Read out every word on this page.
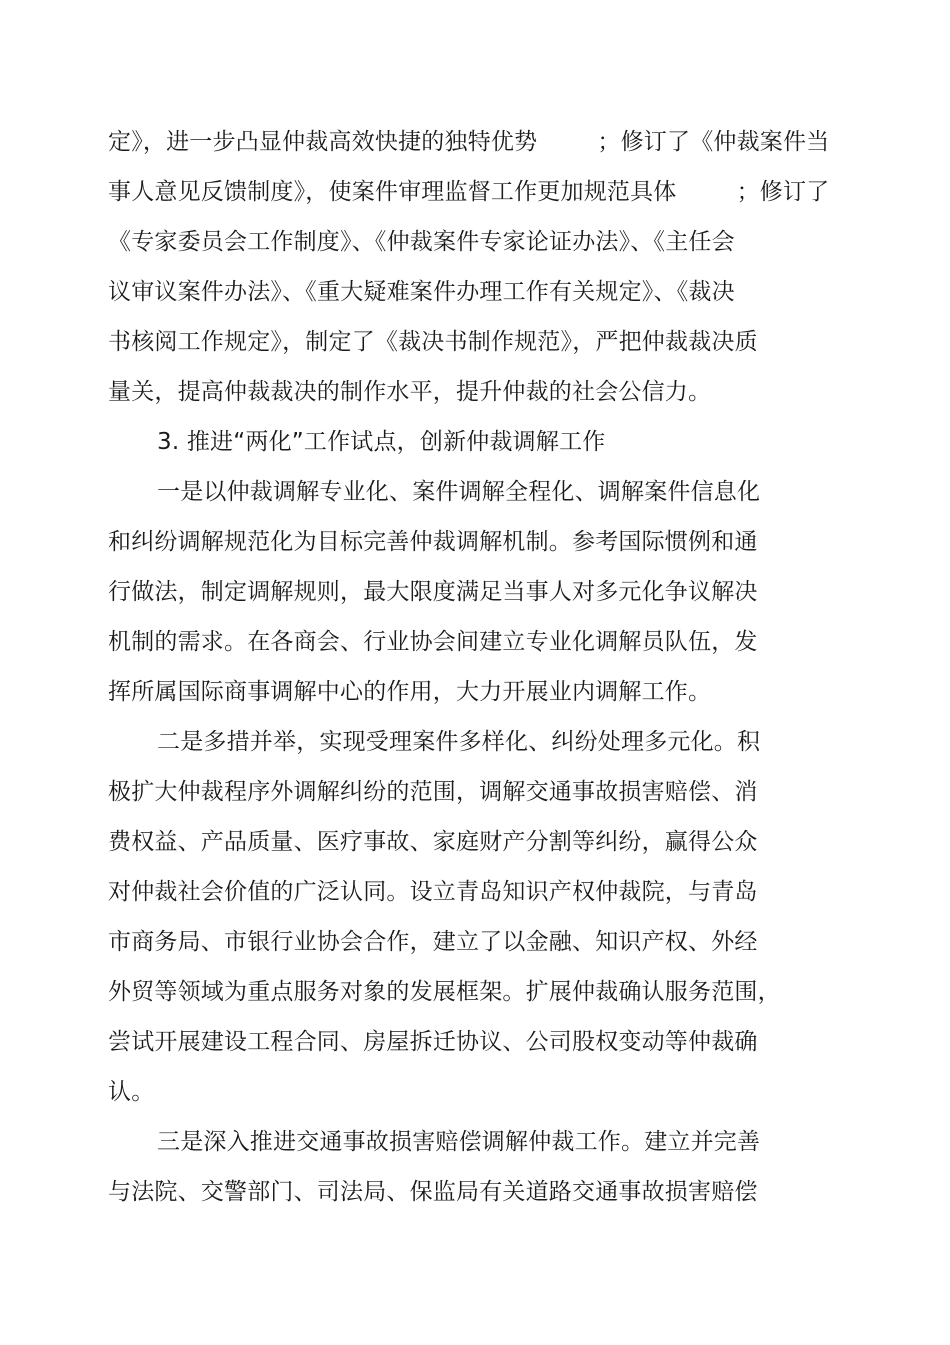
定》，进一步凸显仲裁高效快捷的独特优势        ；修订了《仲裁案件当
事人意见反馈制度》，使案件审理监督工作更加规范具体        ；修订了
《专家委员会工作制度》、《仲裁案件专家论证办法》、《主任会
议审议案件办法》、《重大疑难案件办理工作有关规定》、《裁决
书核阅工作规定》，制定了《裁决书制作规范》，严把仲裁裁决质
量关，提高仲裁裁决的制作水平，提升仲裁的社会公信力。
3. 推进“两化”工作试点，创新仲裁调解工作
一是以仲裁调解专业化、案件调解全程化、调解案件信息化
和纠纷调解规范化为目标完善仲裁调解机制。参考国际惯例和通
行做法，制定调解规则，最大限度满足当事人对多元化争议解决
机制的需求。在各商会、行业协会间建立专业化调解员队伍，发
挥所属国际商事调解中心的作用，大力开展业内调解工作。
二是多措并举，实现受理案件多样化、纠纷处理多元化。积
极扩大仲裁程序外调解纠纷的范围，调解交通事故损害赔偿、消
费权益、产品质量、医疗事故、家庭财产分割等纠纷，赢得公众
对仲裁社会价值的广泛认同。设立青岛知识产权仲裁院，与青岛
市商务局、市银行业协会合作，建立了以金融、知识产权、外经
外贸等领域为重点服务对象的发展框架。扩展仲裁确认服务范围，
尝试开展建设工程合同、房屋拆迁协议、公司股权变动等仲裁确
认。
三是深入推进交通事故损害赔偿调解仲裁工作。建立并完善
与法院、交警部门、司法局、保监局有关道路交通事故损害赔偿
